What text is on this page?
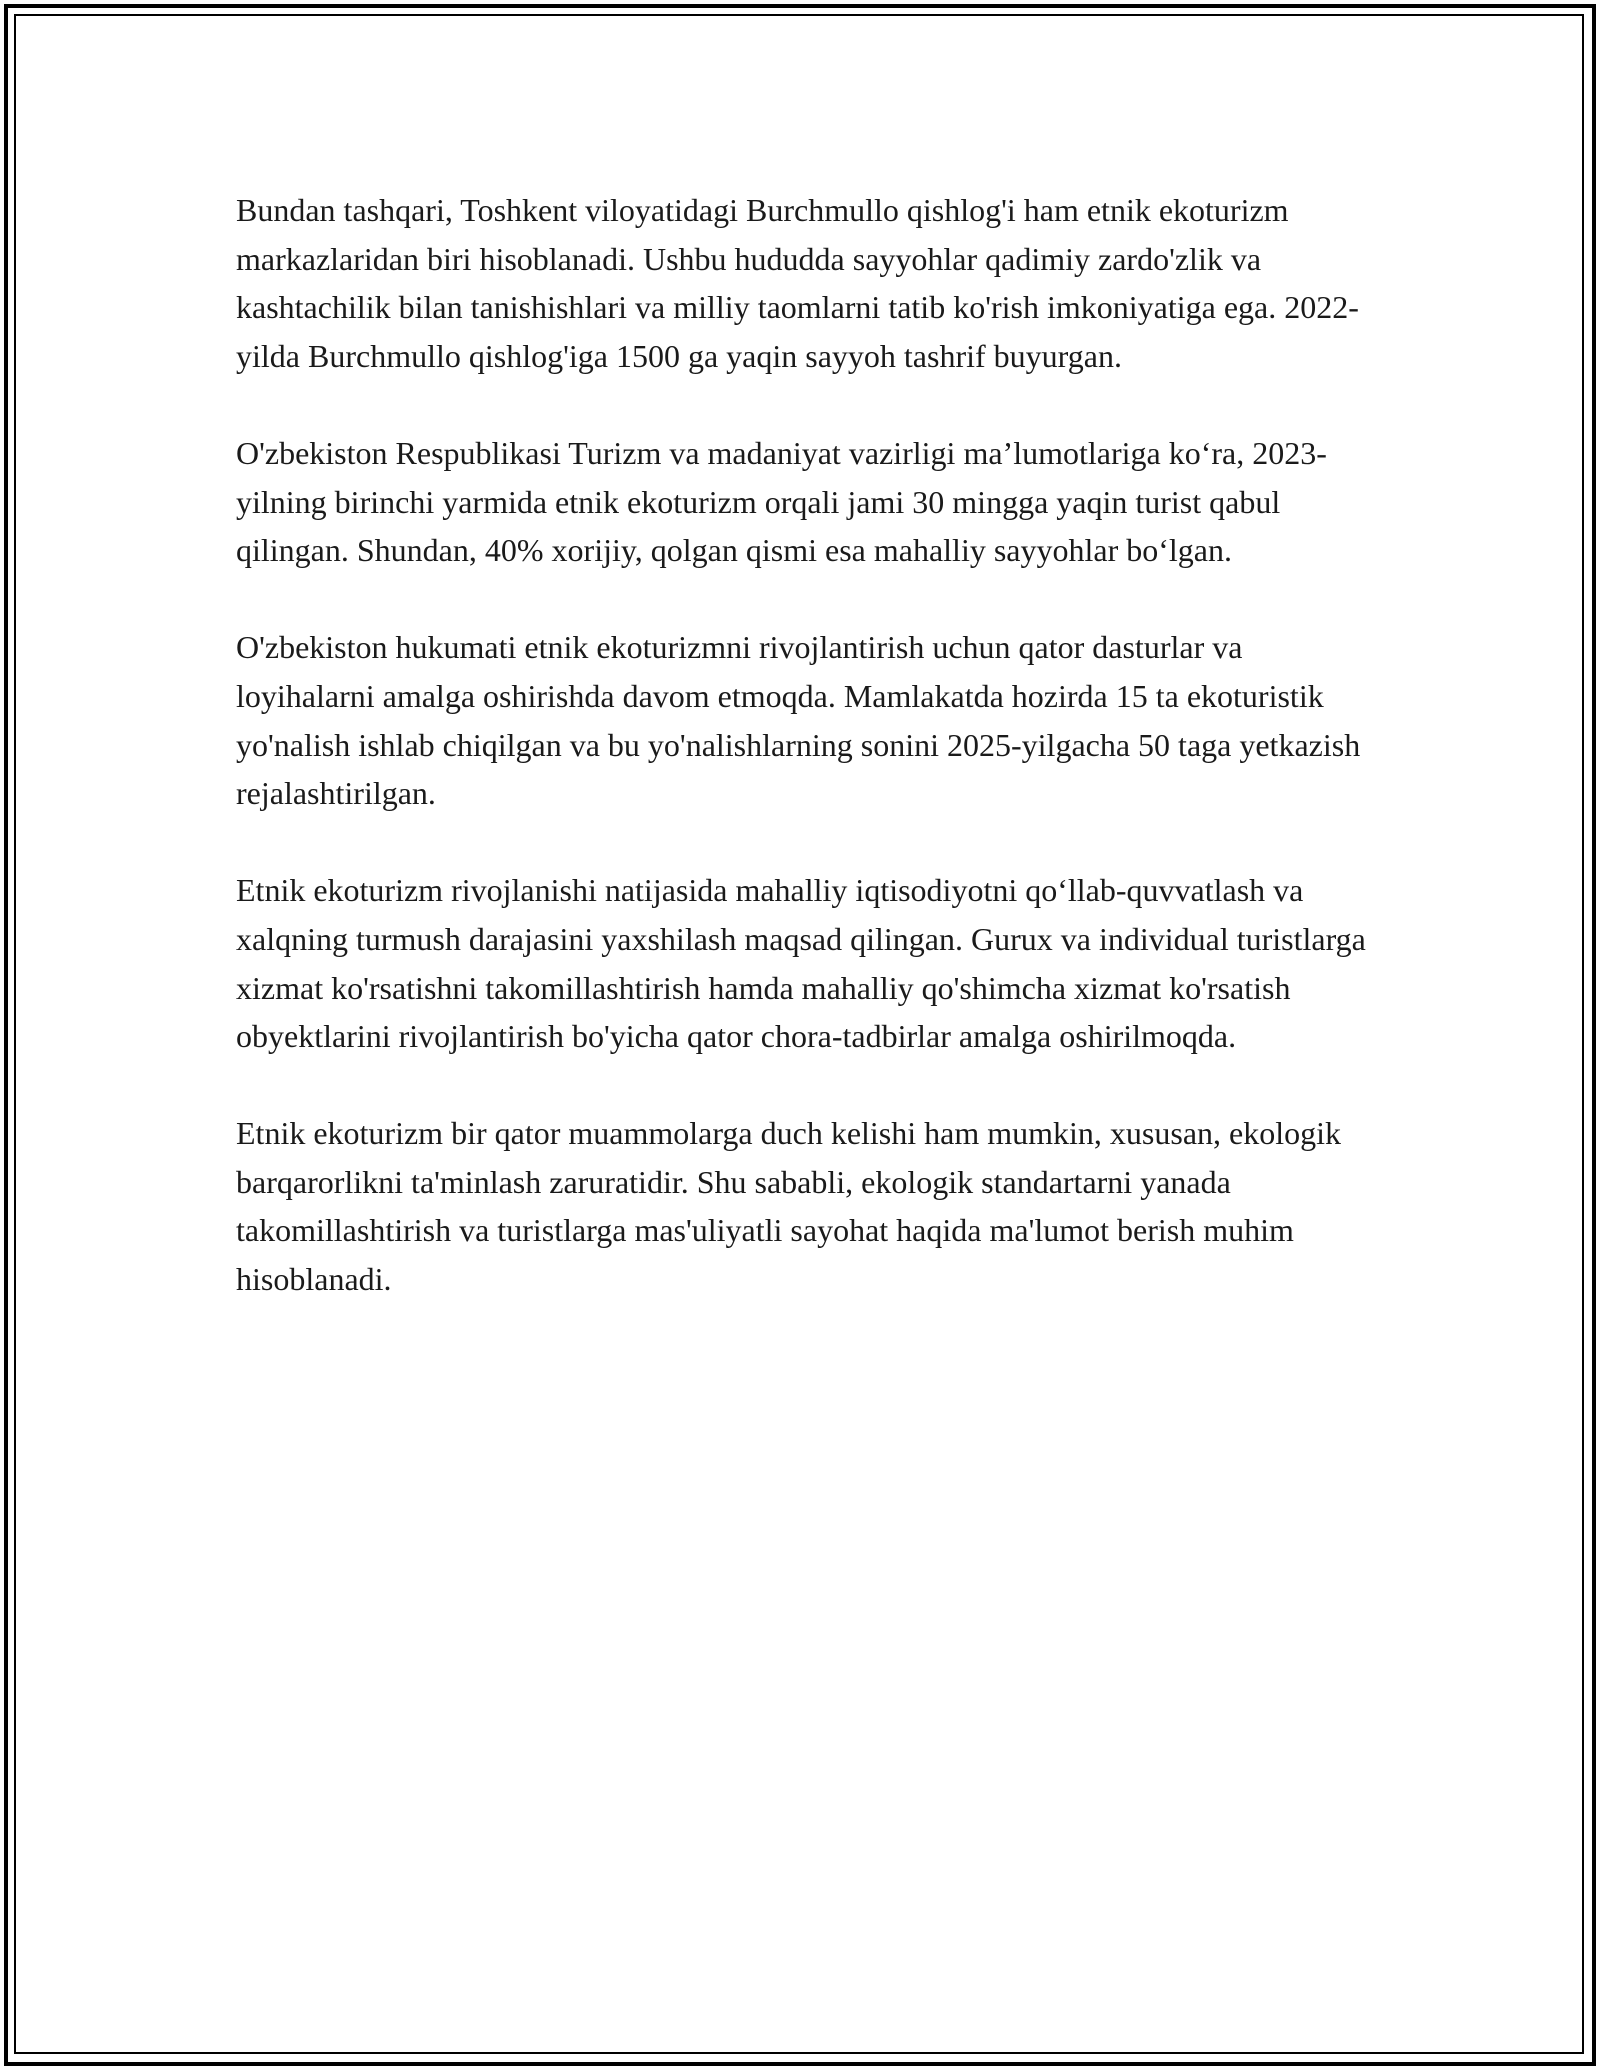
Bundan tashqari, Toshkent viloyatidagi Burchmullo qishlog'i ham etnik ekoturizm markazlaridan biri hisoblanadi. Ushbu hududda sayyohlar qadimiy zardo'zlik va kashtachilik bilan tanishishlari va milliy taomlarni tatib ko'rish imkoniyatiga ega. 2022-yilda Burchmullo qishlog'iga 1500 ga yaqin sayyoh tashrif buyurgan.

O'zbekiston Respublikasi Turizm va madaniyat vazirligi ma’lumotlariga ko‘ra, 2023-yilning birinchi yarmida etnik ekoturizm orqali jami 30 mingga yaqin turist qabul qilingan. Shundan, 40% xorijiy, qolgan qismi esa mahalliy sayyohlar bo‘lgan.

O'zbekiston hukumati etnik ekoturizmni rivojlantirish uchun qator dasturlar va loyihalarni amalga oshirishda davom etmoqda. Mamlakatda hozirda 15 ta ekoturistik yo'nalish ishlab chiqilgan va bu yo'nalishlarning sonini 2025-yilgacha 50 taga yetkazish rejalashtirilgan.

Etnik ekoturizm rivojlanishi natijasida mahalliy iqtisodiyotni qo‘llab-quvvatlash va xalqning turmush darajasini yaxshilash maqsad qilingan. Gurux va individual turistlarga xizmat ko'rsatishni takomillashtirish hamda mahalliy qo'shimcha xizmat ko'rsatish obyektlarini rivojlantirish bo'yicha qator chora-tadbirlar amalga oshirilmoqda.

Etnik ekoturizm bir qator muammolarga duch kelishi ham mumkin, xususan, ekologik barqarorlikni ta'minlash zaruratidir. Shu sababli, ekologik standartarni yanada takomillashtirish va turistlarga mas'uliyatli sayohat haqida ma'lumot berish muhim hisoblanadi.
